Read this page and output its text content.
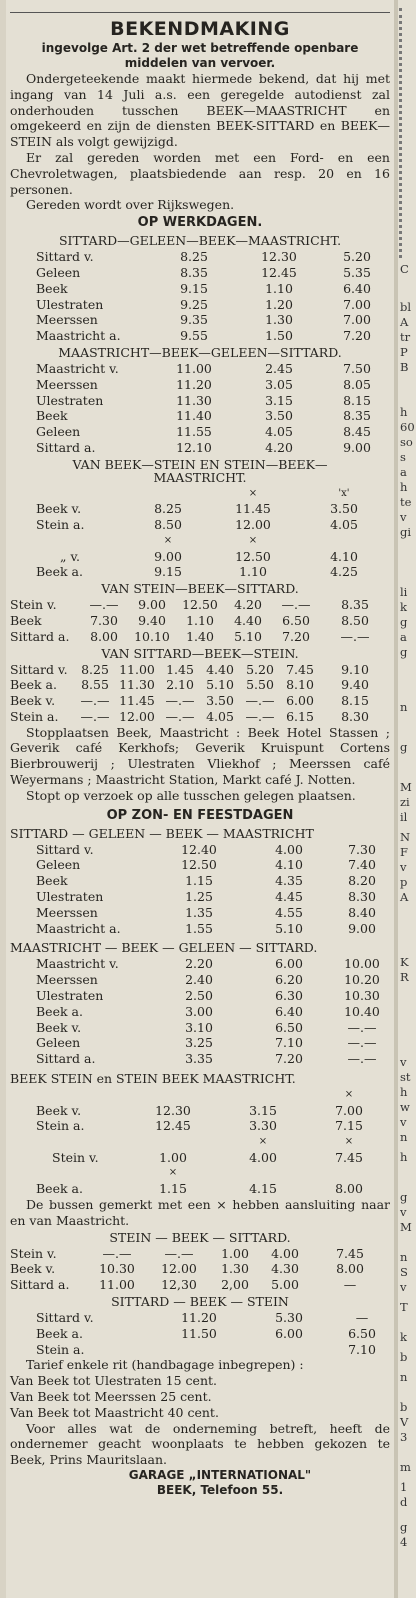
BEKENDMAKING
ingevolge Art. 2 der wet betreffende openbare
middelen van vervoer.
Ondergeteekende maakt hiermede bekend, dat hij met ingang van 14 Juli a.s. een geregelde autodienst zal onderhouden tusschen BEEK—MAASTRICHT en omgekeerd en zijn de diensten BEEK-SITTARD en BEEK—STEIN als volgt gewijzigd.
Er zal gereden worden met een Ford- en een Chevroletwagen, plaatsbiedende aan resp. 20 en 16 personen.
Gereden wordt over Rijkswegen.
OP WERKDAGEN.
SITTARD—GELEEN—BEEK—MAASTRICHT.
Sittard v.	8.25	12.30	5.20
Geleen	8.35	12.45	5.35
Beek	9.15	1.10	6.40
Ulestraten	9.25	1.20	7.00
Meerssen	9.35	1.30	7.00
Maastricht a.	9.55	1.50	7.20
MAASTRICHT—BEEK—GELEEN—SITTARD.
Maastricht v.	11.00	2.45	7.50
Meerssen	11.20	3.05	8.05
Ulestraten	11.30	3.15	8.15
Beek	11.40	3.50	8.35
Geleen	11.55	4.05	8.45
Sittard a.	12.10	4.20	9.00
VAN BEEK—STEIN EN STEIN—BEEK—
MAASTRICHT.
		×	'x'
Beek v.	8.25	11.45	3.50
Stein a.	8.50	12.00	4.05
	×	×	
„ v.	9.00	12.50	4.10
Beek a.	9.15	1.10	4.25
VAN STEIN—BEEK—SITTARD.
Stein v.	—.—	9.00	12.50	4.20	—.—	8.35
Beek	7.30	9.40	1.10	4.40	6.50	8.50
Sittard a.	8.00	10.10	1.40	5.10	7.20	—.—
VAN SITTARD—BEEK—STEIN.
Sittard v.	8.25	11.00	1.45	4.40	5.20	7.45	9.10
Beek a.	8.55	11.30	2.10	5.10	5.50	8.10	9.40
Beek v.	—.—	11.45	—.—	3.50	—.—	6.00	8.15
Stein a.	—.—	12.00	—.—	4.05	—.—	6.15	8.30
Stopplaatsen Beek, Maastricht : Beek Hotel Stassen ; Geverik café Kerkhofs; Geverik Kruispunt Cortens Bierbrouwerij ; Ulestraten Vliekhof ; Meerssen café Weyermans ; Maastricht Station, Markt café J. Notten.
Stopt op verzoek op alle tusschen gelegen plaatsen.
OP ZON- EN FEESTDAGEN
SITTARD — GELEEN — BEEK — MAASTRICHT
Sittard v.	12.40	4.00	7.30
Geleen	12.50	4.10	7.40
Beek	1.15	4.35	8.20
Ulestraten	1.25	4.45	8.30
Meerssen	1.35	4.55	8.40
Maastricht a.	1.55	5.10	9.00
MAASTRICHT — BEEK — GELEEN — SITTARD.
Maastricht v.	2.20	6.00	10.00
Meerssen	2.40	6.20	10.20
Ulestraten	2.50	6.30	10.30
Beek a.	3.00	6.40	10.40
Beek v.	3.10	6.50	—.—
Geleen	3.25	7.10	—.—
Sittard a.	3.35	7.20	—.—
BEEK STEIN en STEIN BEEK MAASTRICHT.
			×
Beek v.	12.30	3.15	7.00
Stein a.	12.45	3.30	7.15
		×	×
Stein v.	1.00	4.00	7.45
	×		
Beek a.	1.15	4.15	8.00
De bussen gemerkt met een × hebben aansluiting naar en van Maastricht.
STEIN — BEEK — SITTARD.
Stein v.	—.—	—.—	1.00	4.00	7.45
Beek v.	10.30	12.00	1.30	4.30	8.00
Sittard a.	11.00	12,30	2,00	5.00	—
SITTARD — BEEK — STEIN
Sittard v.	11.20	5.30	—
Beek a.	11.50	6.00	6.50
Stein a.			7.10
Tarief enkele rit (handbagage inbegrepen) :
Van Beek tot Ulestraten 15 cent.
Van Beek tot Meerssen 25 cent.
Van Beek tot Maastricht 40 cent.
Voor alles wat de onderneming betreft, heeft de ondernemer geacht woonplaats te hebben gekozen te Beek, Prins Mauritslaan.
GARAGE „INTERNATIONAL"
BEEK, Telefoon 55.
C
bl
A
tr
P
B
h
60
so
s
a
h
te
v
gi
li
k
g
a
g
n
g
M
zi
il
N
F
v
p
A
K
R
v
st
h
w
v
n
h
g
v
M
n
S
v
T
k
b
n
b
V
3
m
1
d
g
4
